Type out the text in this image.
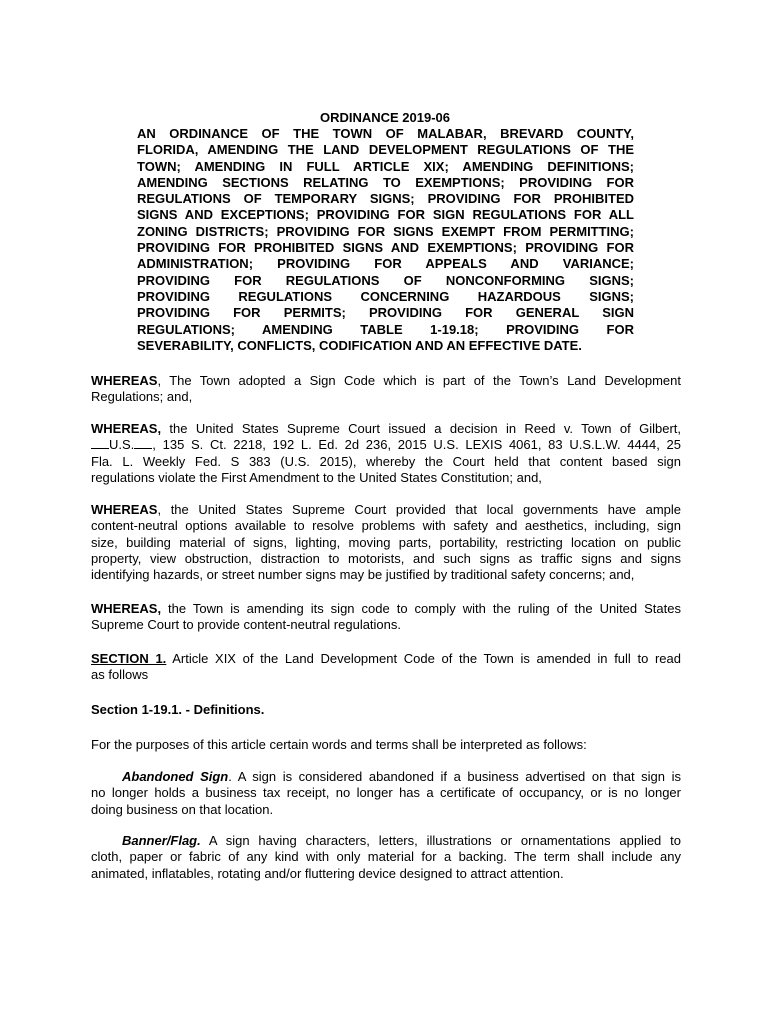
ORDINANCE 2019-06
AN ORDINANCE OF THE TOWN OF MALABAR, BREVARD COUNTY,
FLORIDA, AMENDING THE LAND DEVELOPMENT REGULATIONS OF THE
TOWN; AMENDING IN FULL ARTICLE XIX; AMENDING DEFINITIONS;
AMENDING SECTIONS RELATING TO EXEMPTIONS; PROVIDING FOR
REGULATIONS OF TEMPORARY SIGNS; PROVIDING FOR PROHIBITED
SIGNS AND EXCEPTIONS; PROVIDING FOR SIGN REGULATIONS FOR ALL
ZONING DISTRICTS; PROVIDING FOR SIGNS EXEMPT FROM PERMITTING;
PROVIDING FOR PROHIBITED SIGNS AND EXEMPTIONS; PROVIDING FOR
ADMINISTRATION; PROVIDING FOR APPEALS AND VARIANCE;
PROVIDING FOR REGULATIONS OF NONCONFORMING SIGNS;
PROVIDING REGULATIONS CONCERNING HAZARDOUS SIGNS;
PROVIDING FOR PERMITS; PROVIDING FOR GENERAL SIGN
REGULATIONS; AMENDING TABLE 1-19.18; PROVIDING FOR
SEVERABILITY, CONFLICTS, CODIFICATION AND AN EFFECTIVE DATE.
WHEREAS, The Town adopted a Sign Code which is part of the Town’s Land Development
Regulations; and,
WHEREAS, the United States Supreme Court issued a decision in Reed v. Town of Gilbert,
U.S. , 135 S. Ct. 2218, 192 L. Ed. 2d 236, 2015 U.S. LEXIS 4061, 83 U.S.L.W. 4444, 25
Fla. L. Weekly Fed. S 383 (U.S. 2015), whereby the Court held that content based sign
regulations violate the First Amendment to the United States Constitution; and,
WHEREAS, the United States Supreme Court provided that local governments have ample
content-neutral options available to resolve problems with safety and aesthetics, including, sign
size, building material of signs, lighting, moving parts, portability, restricting location on public
property, view obstruction, distraction to motorists, and such signs as traffic signs and signs
identifying hazards, or street number signs may be justified by traditional safety concerns; and,
WHEREAS, the Town is amending its sign code to comply with the ruling of the United States
Supreme Court to provide content-neutral regulations.
SECTION 1. Article XIX of the Land Development Code of the Town is amended in full to read
as follows
Section 1-19.1. - Definitions.
For the purposes of this article certain words and terms shall be interpreted as follows:
Abandoned Sign. A sign is considered abandoned if a business advertised on that sign is
no longer holds a business tax receipt, no longer has a certificate of occupancy, or is no longer
doing business on that location.
Banner/Flag. A sign having characters, letters, illustrations or ornamentations applied to
cloth, paper or fabric of any kind with only material for a backing. The term shall include any
animated, inflatables, rotating and/or fluttering device designed to attract attention.
